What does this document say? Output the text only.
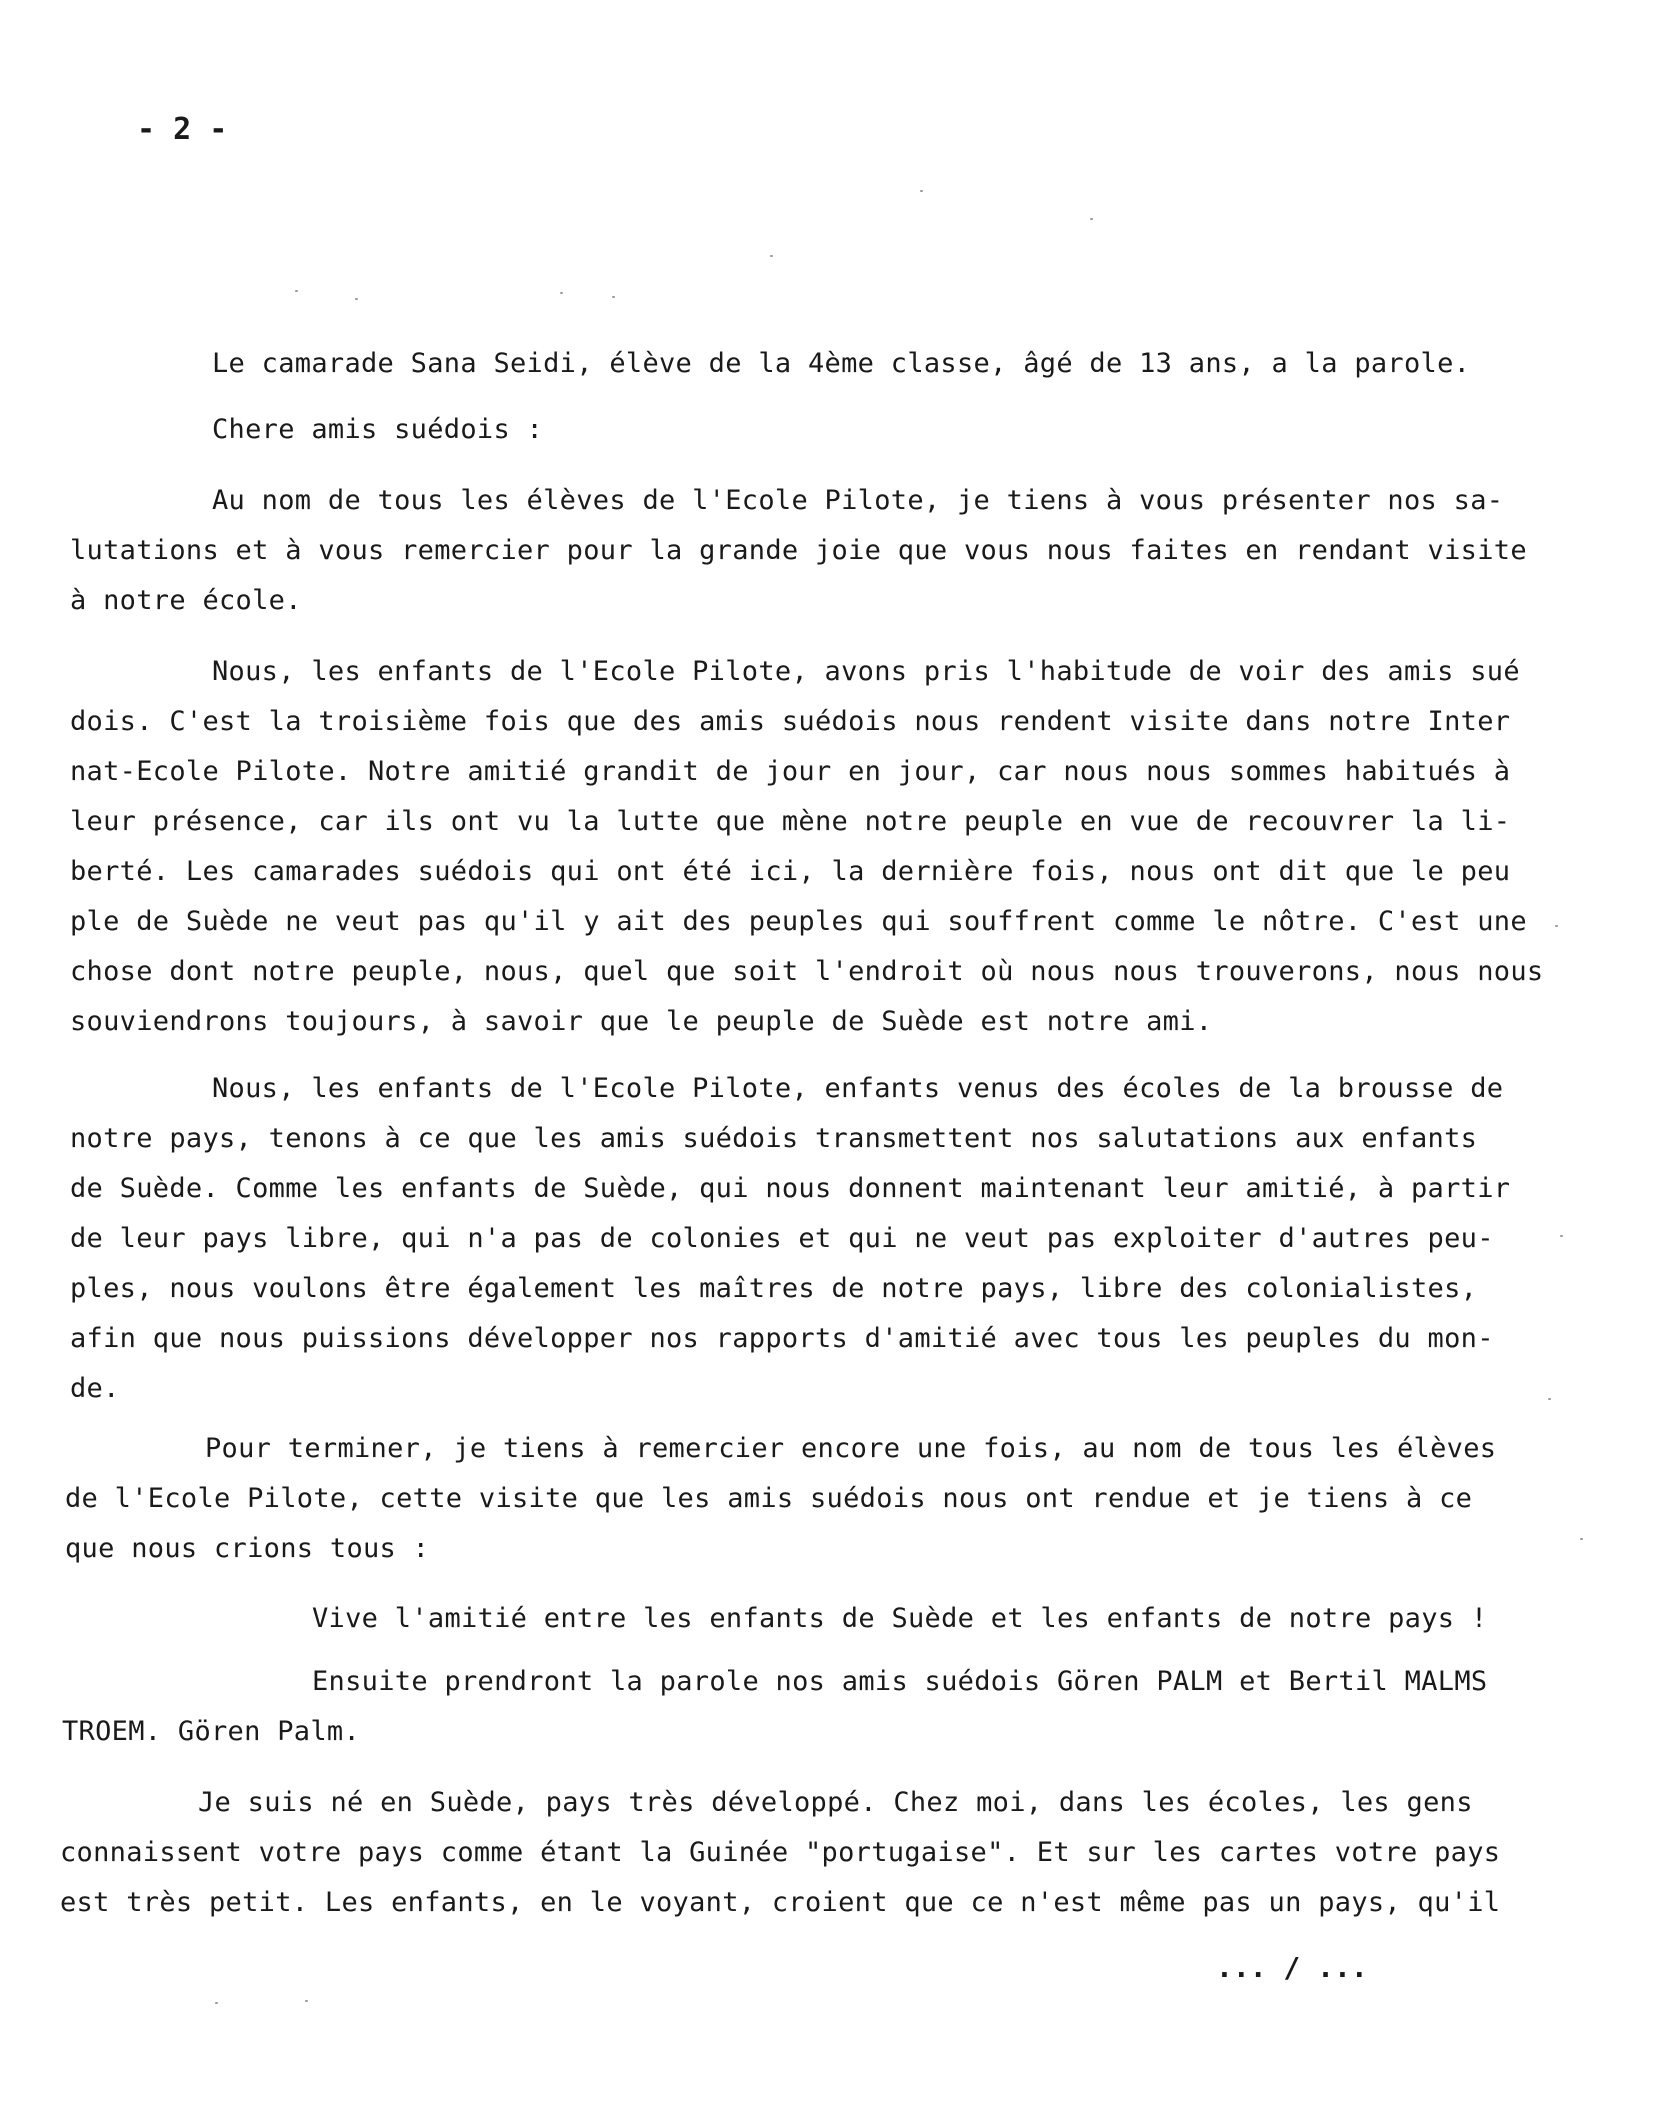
- 2 -
Le camarade Sana Seidi, élève de la 4ème classe, âgé de 13 ans, a la parole.
Chere amis suédois :
Au nom de tous les élèves de l'Ecole Pilote, je tiens à vous présenter nos sa-
lutations et à vous remercier pour la grande joie que vous nous faites en rendant visite
à notre école.
Nous, les enfants de l'Ecole Pilote, avons pris l'habitude de voir des amis sué
dois. C'est la troisième fois que des amis suédois nous rendent visite dans notre Inter
nat-Ecole Pilote. Notre amitié grandit de jour en jour, car nous nous sommes habitués à
leur présence, car ils ont vu la lutte que mène notre peuple en vue de recouvrer la li-
berté. Les camarades suédois qui ont été ici, la dernière fois, nous ont dit que le peu
ple de Suède ne veut pas qu'il y ait des peuples qui souffrent comme le nôtre. C'est une
chose dont notre peuple, nous, quel que soit l'endroit où nous nous trouverons, nous nous
souviendrons toujours, à savoir que le peuple de Suède est notre ami.
Nous, les enfants de l'Ecole Pilote, enfants venus des écoles de la brousse de
notre pays, tenons à ce que les amis suédois transmettent nos salutations aux enfants
de Suède. Comme les enfants de Suède, qui nous donnent maintenant leur amitié, à partir
de leur pays libre, qui n'a pas de colonies et qui ne veut pas exploiter d'autres peu-
ples, nous voulons être également les maîtres de notre pays, libre des colonialistes,
afin que nous puissions développer nos rapports d'amitié avec tous les peuples du mon-
de.
Pour terminer, je tiens à remercier encore une fois, au nom de tous les élèves
de l'Ecole Pilote, cette visite que les amis suédois nous ont rendue et je tiens à ce
que nous crions tous :
Vive l'amitié entre les enfants de Suède et les enfants de notre pays !
Ensuite prendront la parole nos amis suédois Gören PALM et Bertil MALMS
TROEM. Gören Palm.
Je suis né en Suède, pays très développé. Chez moi, dans les écoles, les gens
connaissent votre pays comme étant la Guinée "portugaise". Et sur les cartes votre pays
est très petit. Les enfants, en le voyant, croient que ce n'est même pas un pays, qu'il
... / ...
